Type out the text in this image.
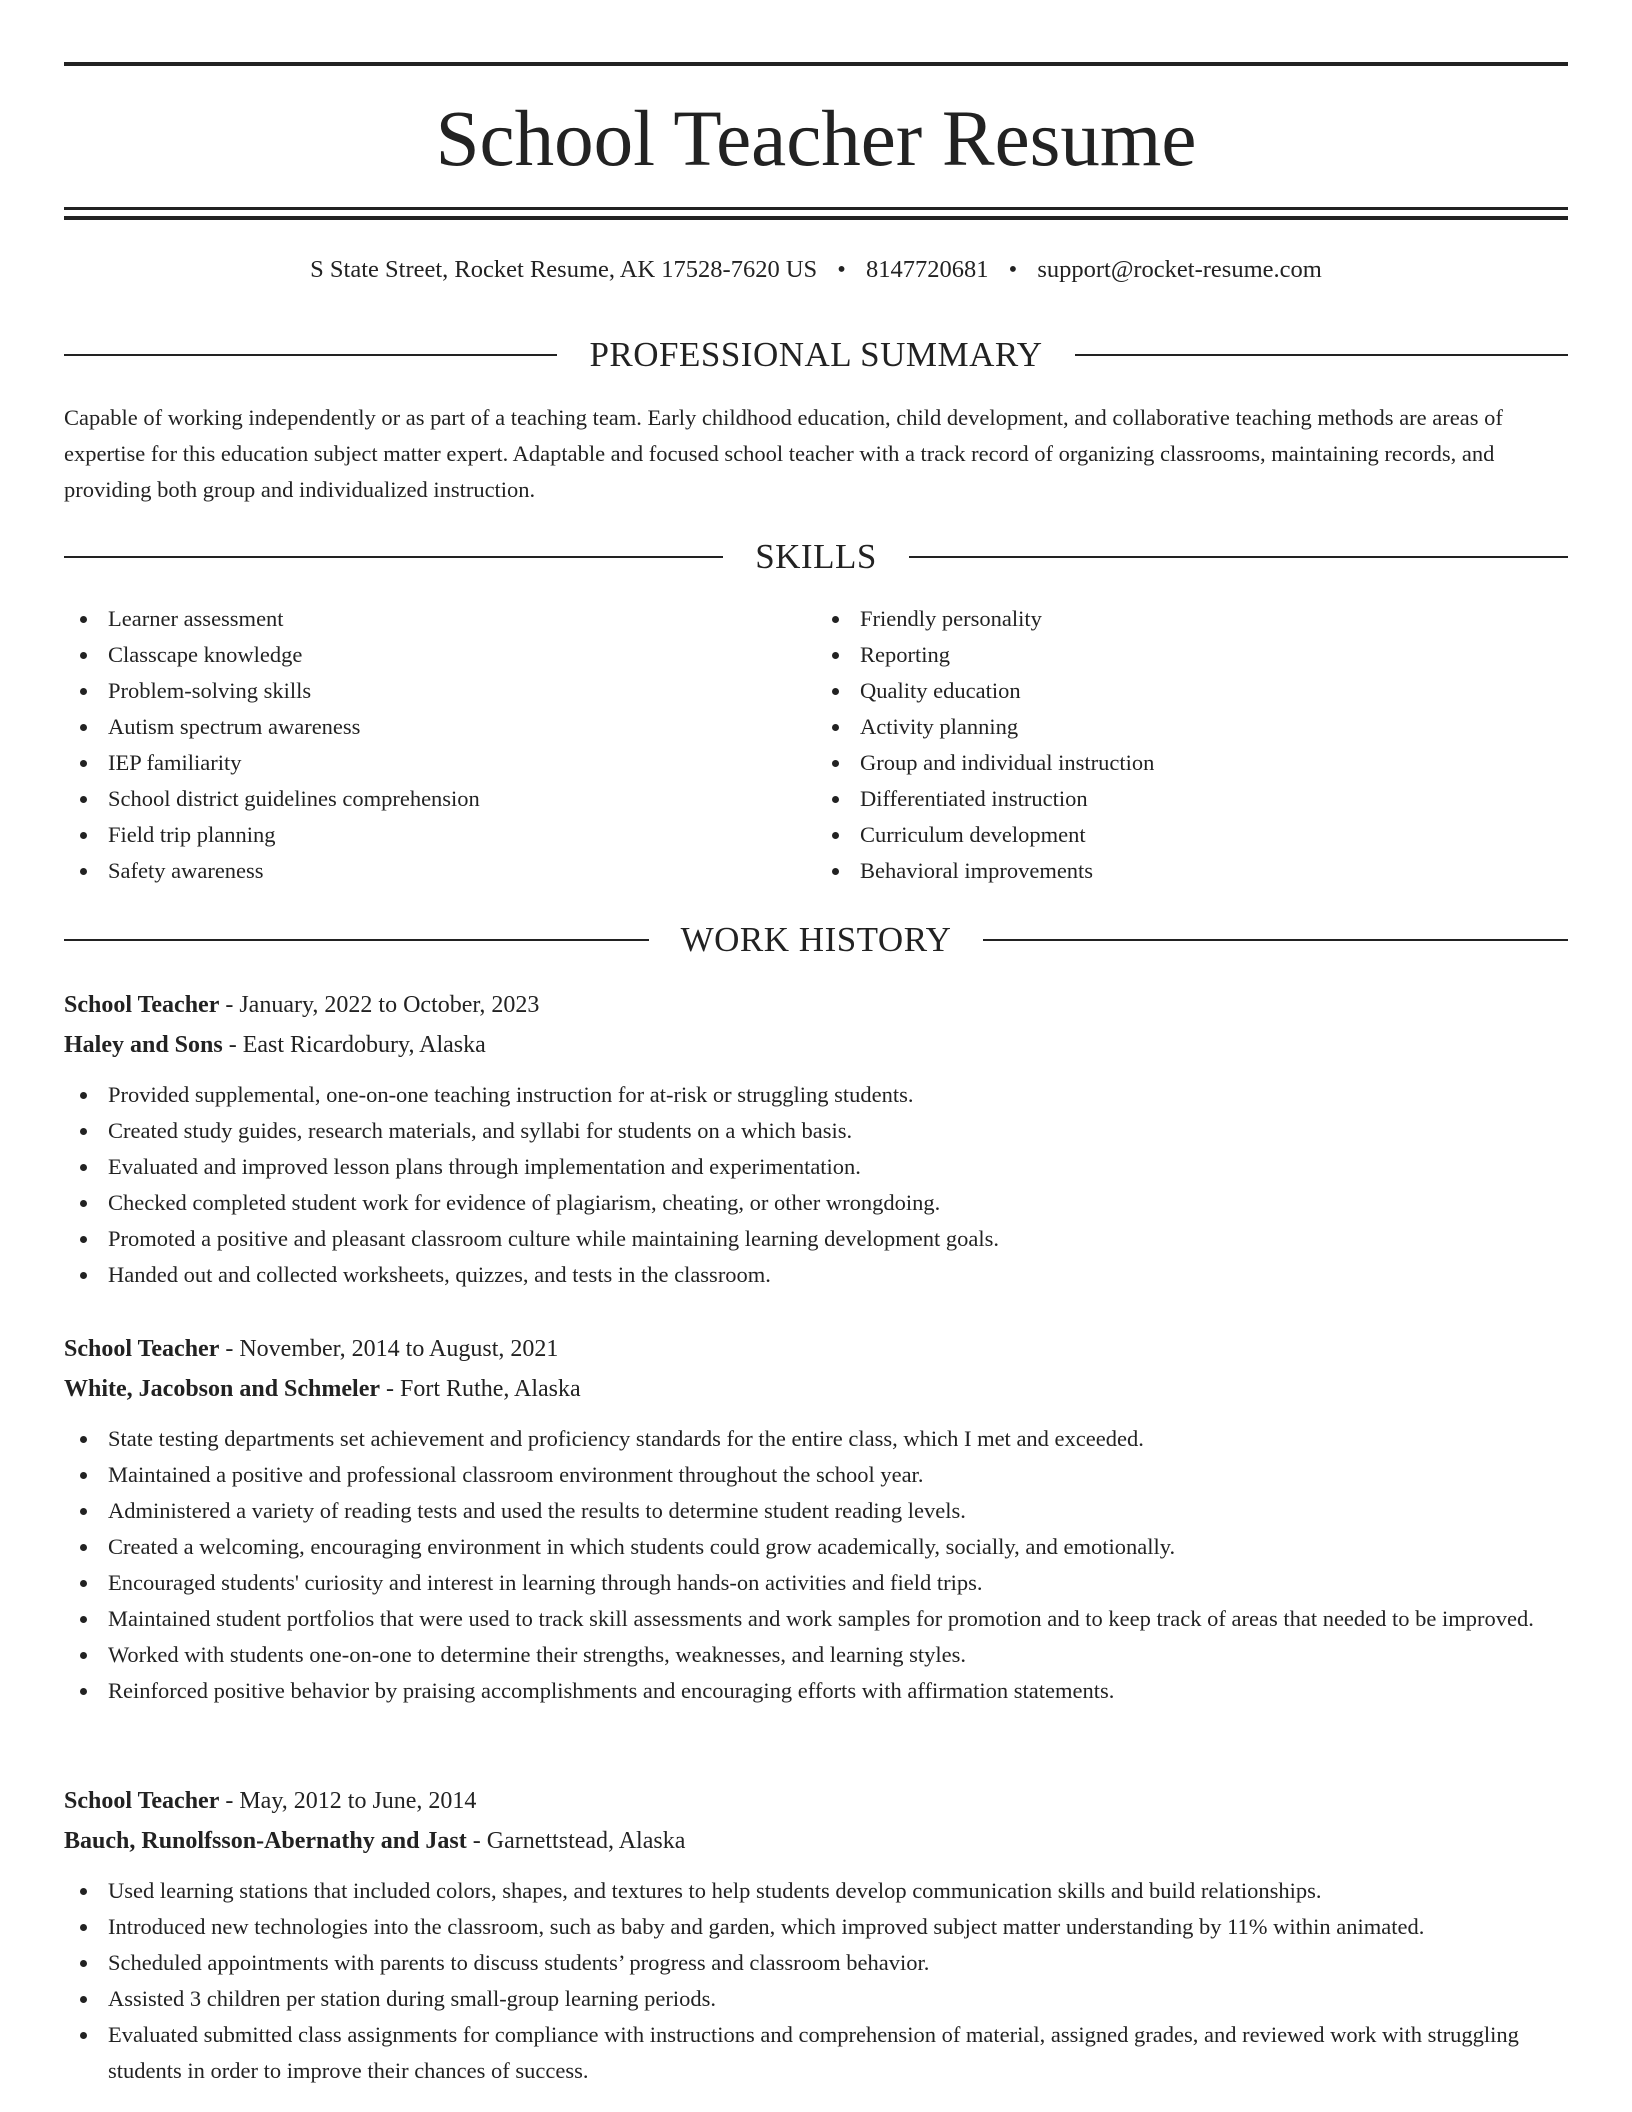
School Teacher Resume
S State Street, Rocket Resume, AK 17528-7620 US • 8147720681 • support@rocket-resume.com
PROFESSIONAL SUMMARY

Capable of working independently or as part of a teaching team. Early childhood education, child development, and collaborative teaching methods are areas of expertise for this education subject matter expert. Adaptable and focused school teacher with a track record of organizing classrooms, maintaining records, and providing both group and individualized instruction.

SKILLS
Learner assessment
Classcape knowledge
Problem-solving skills
Autism spectrum awareness
IEP familiarity
School district guidelines comprehension
Field trip planning
Safety awareness
Friendly personality
Reporting
Quality education
Activity planning
Group and individual instruction
Differentiated instruction
Curriculum development
Behavioral improvements
WORK HISTORY
School Teacher - January, 2022 to October, 2023
Haley and Sons - East Ricardobury, Alaska
Provided supplemental, one-on-one teaching instruction for at-risk or struggling students.
Created study guides, research materials, and syllabi for students on a which basis.
Evaluated and improved lesson plans through implementation and experimentation.
Checked completed student work for evidence of plagiarism, cheating, or other wrongdoing.
Promoted a positive and pleasant classroom culture while maintaining learning development goals.
Handed out and collected worksheets, quizzes, and tests in the classroom.
School Teacher - November, 2014 to August, 2021
White, Jacobson and Schmeler - Fort Ruthe, Alaska
State testing departments set achievement and proficiency standards for the entire class, which I met and exceeded.
Maintained a positive and professional classroom environment throughout the school year.
Administered a variety of reading tests and used the results to determine student reading levels.
Created a welcoming, encouraging environment in which students could grow academically, socially, and emotionally.
Encouraged students' curiosity and interest in learning through hands-on activities and field trips.
Maintained student portfolios that were used to track skill assessments and work samples for promotion and to keep track of areas that needed to be improved.
Worked with students one-on-one to determine their strengths, weaknesses, and learning styles.
Reinforced positive behavior by praising accomplishments and encouraging efforts with affirmation statements.
School Teacher - May, 2012 to June, 2014
Bauch, Runolfsson-Abernathy and Jast - Garnettstead, Alaska
Used learning stations that included colors, shapes, and textures to help students develop communication skills and build relationships.
Introduced new technologies into the classroom, such as baby and garden, which improved subject matter understanding by 11% within animated.
Scheduled appointments with parents to discuss students’ progress and classroom behavior.
Assisted 3 children per station during small-group learning periods.
Evaluated submitted class assignments for compliance with instructions and comprehension of material, assigned grades, and reviewed work with struggling students in order to improve their chances of success.
